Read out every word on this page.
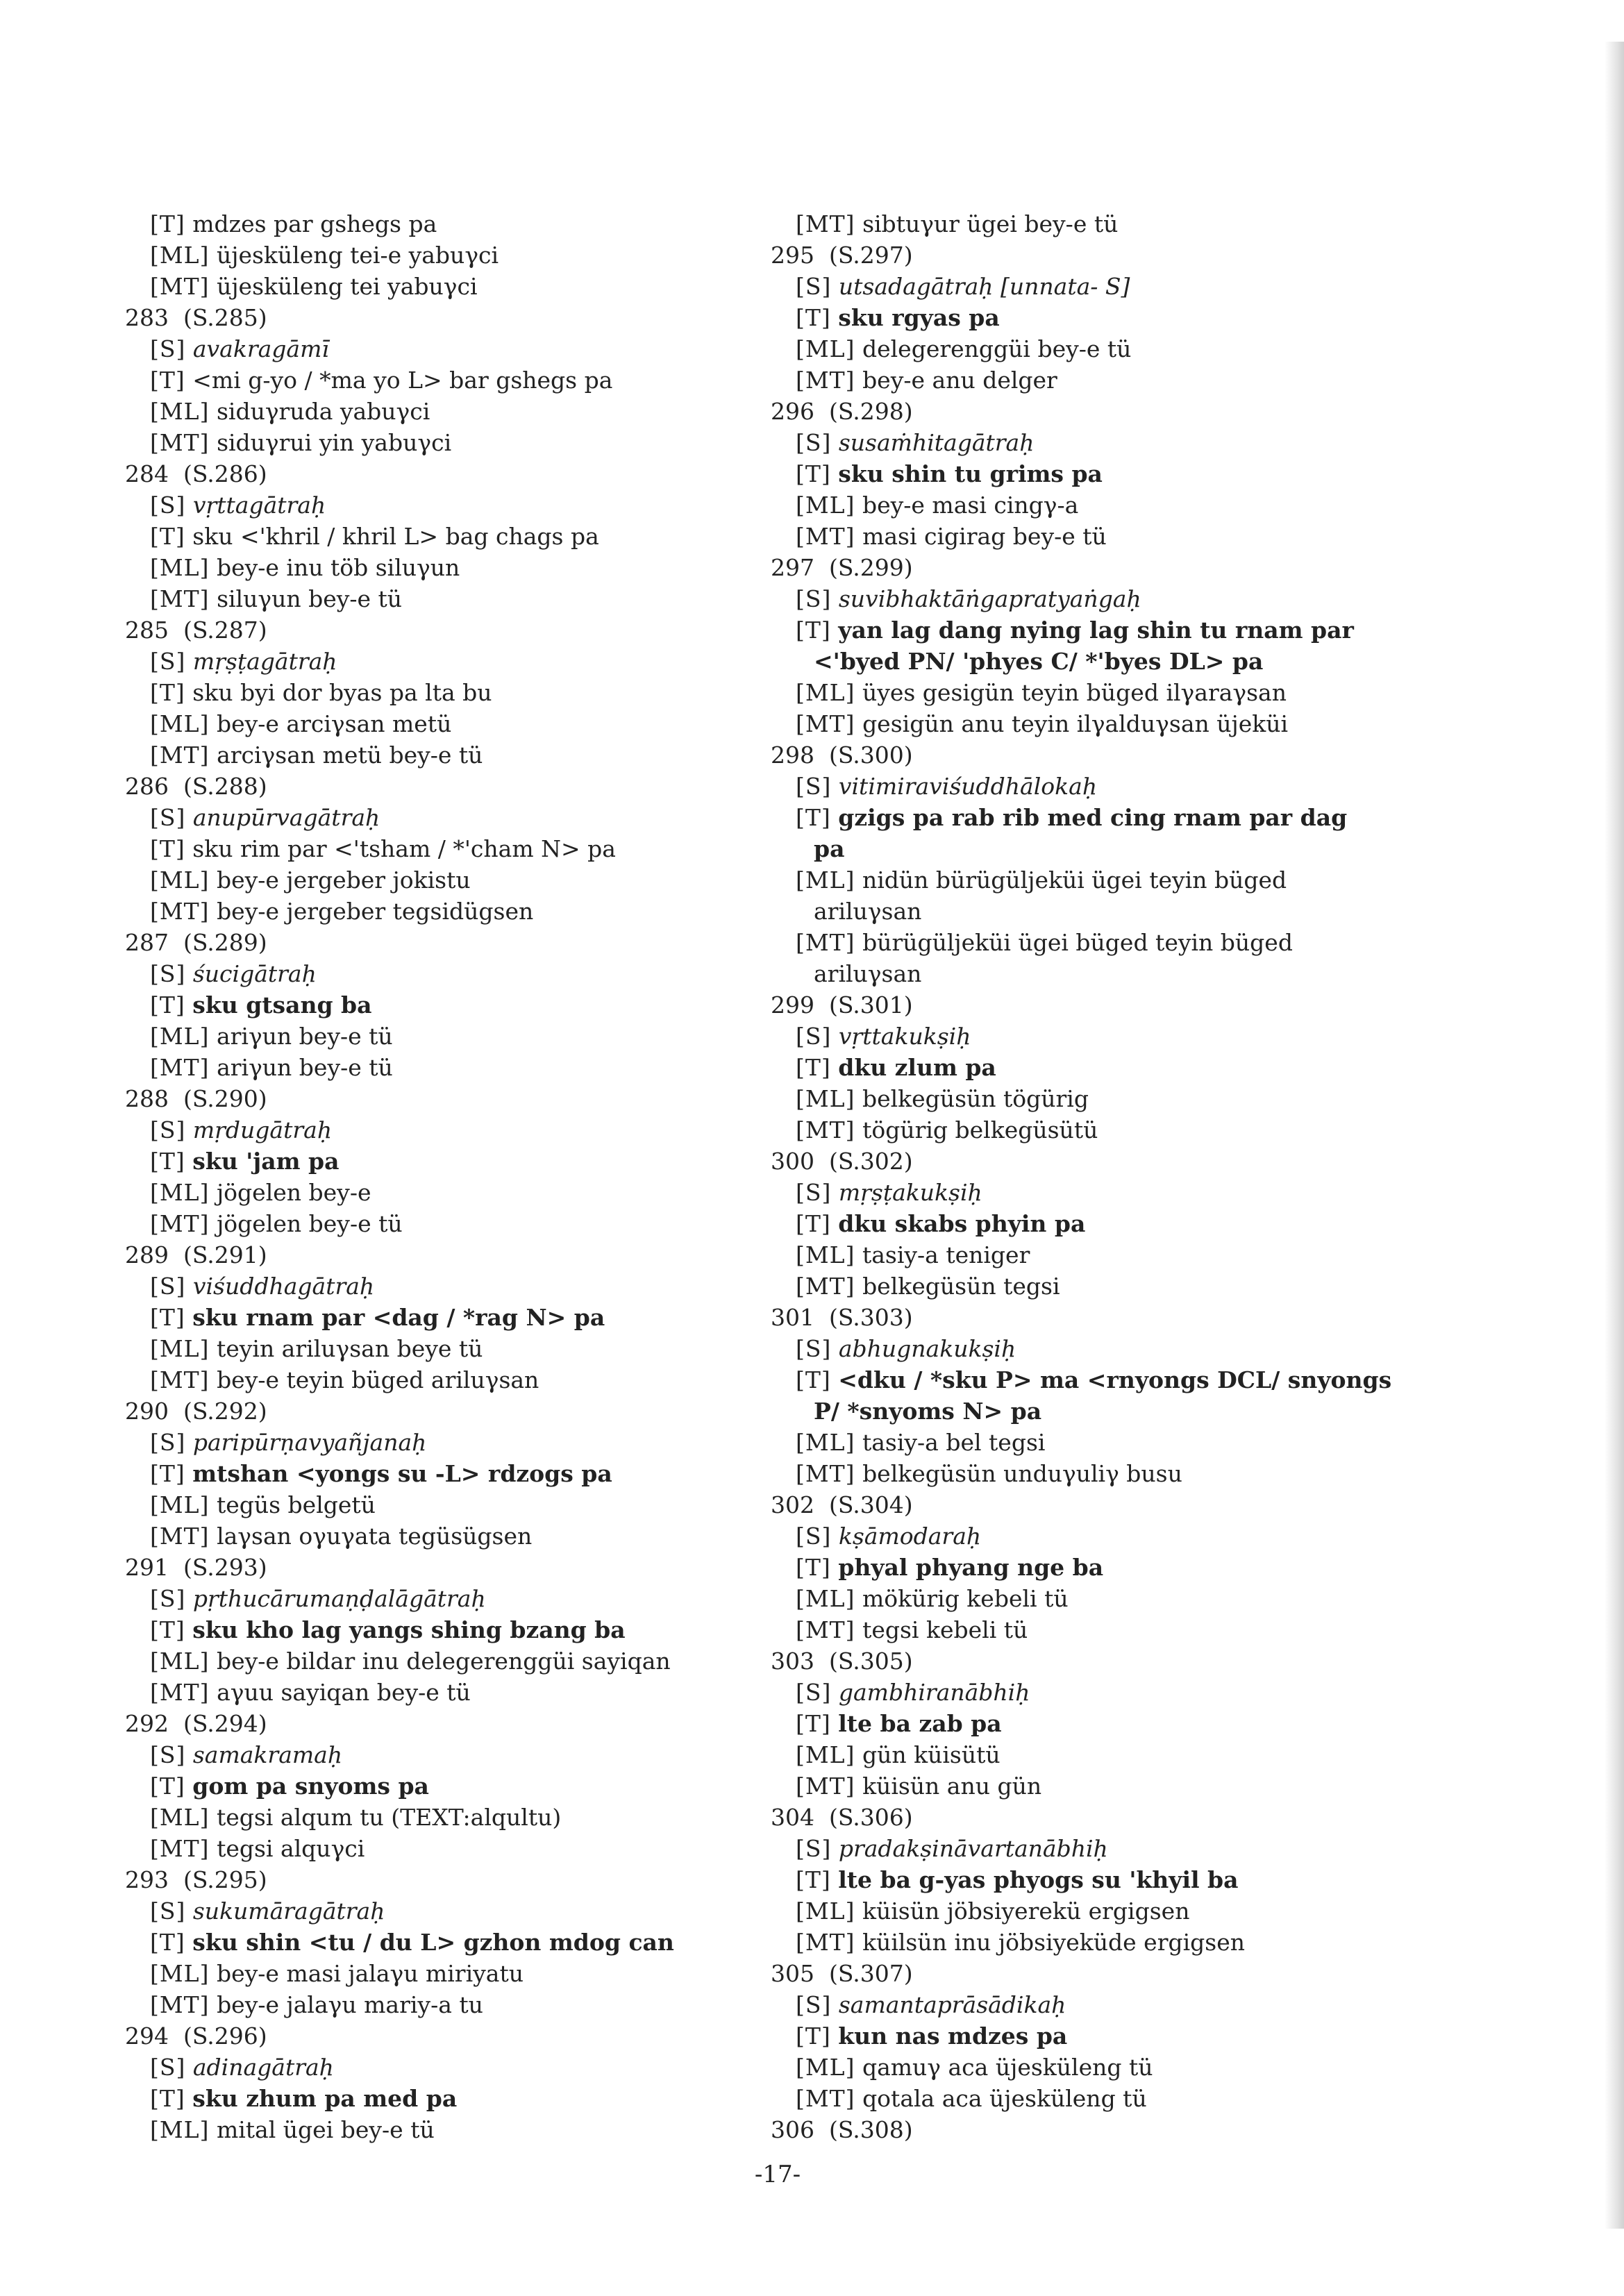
[T] mdzes par gshegs pa
[ML] üjesküleng tei-e yabuγci
[MT] üjesküleng tei yabuγci
283 (S.285)
[S] avakragāmī
[T] <mi g-yo / *ma yo L> bar gshegs pa
[ML] siduγruda yabuγci
[MT] siduγrui yin yabuγci
284 (S.286)
[S] vṛttagātraḥ
[T] sku <'khril / khril L> bag chags pa
[ML] bey-e inu töb siluγun
[MT] siluγun bey-e tü
285 (S.287)
[S] mṛṣṭagātraḥ
[T] sku byi dor byas pa lta bu
[ML] bey-e arciγsan metü
[MT] arciγsan metü bey-e tü
286 (S.288)
[S] anupūrvagātraḥ
[T] sku rim par <'tsham / *'cham N> pa
[ML] bey-e jergeber jokistu
[MT] bey-e jergeber tegsidügsen
287 (S.289)
[S] śucigātraḥ
[T] sku gtsang ba
[ML] ariγun bey-e tü
[MT] ariγun bey-e tü
288 (S.290)
[S] mṛdugātraḥ
[T] sku 'jam pa
[ML] jögelen bey-e
[MT] jögelen bey-e tü
289 (S.291)
[S] viśuddhagātraḥ
[T] sku rnam par <dag / *rag N> pa
[ML] teyin ariluγsan beye tü
[MT] bey-e teyin büged ariluγsan
290 (S.292)
[S] paripūrṇavyañjanaḥ
[T] mtshan <yongs su -L> rdzogs pa
[ML] tegüs belgetü
[MT] laγsan oγuγata tegüsügsen
291 (S.293)
[S] pṛthucārumaṇḍalāgātraḥ
[T] sku kho lag yangs shing bzang ba
[ML] bey-e bildar inu delegerenggüi sayiqan
[MT] aγuu sayiqan bey-e tü
292 (S.294)
[S] samakramaḥ
[T] gom pa snyoms pa
[ML] tegsi alqum tu (TEXT:alqultu)
[MT] tegsi alquγci
293 (S.295)
[S] sukumāragātraḥ
[T] sku shin <tu / du L> gzhon mdog can
[ML] bey-e masi jalaγu miriyatu
[MT] bey-e jalaγu mariy-a tu
294 (S.296)
[S] adinagātraḥ
[T] sku zhum pa med pa
[ML] mital ügei bey-e tü
[MT] sibtuγur ügei bey-e tü
295 (S.297)
[S] utsadagātraḥ [unnata- S]
[T] sku rgyas pa
[ML] delegerenggüi bey-e tü
[MT] bey-e anu delger
296 (S.298)
[S] susaṁhitagātraḥ
[T] sku shin tu grims pa
[ML] bey-e masi cingγ-a
[MT] masi cigirag bey-e tü
297 (S.299)
[S] suvibhaktāṅgapratyaṅgaḥ
[T] yan lag dang nying lag shin tu rnam par
<'byed PN/ 'phyes C/ *'byes DL> pa
[ML] üyes gesigün teyin büged ilγaraγsan
[MT] gesigün anu teyin ilγalduγsan üjeküi
298 (S.300)
[S] vitimiraviśuddhālokaḥ
[T] gzigs pa rab rib med cing rnam par dag
pa
[ML] nidün bürügüljeküi ügei teyin büged
ariluγsan
[MT] bürügüljeküi ügei büged teyin büged
ariluγsan
299 (S.301)
[S] vṛttakukṣiḥ
[T] dku zlum pa
[ML] belkegüsün tögürig
[MT] tögürig belkegüsütü
300 (S.302)
[S] mṛṣṭakukṣiḥ
[T] dku skabs phyin pa
[ML] tasiy-a teniger
[MT] belkegüsün tegsi
301 (S.303)
[S] abhugnakukṣiḥ
[T] <dku / *sku P> ma <rnyongs DCL/ snyongs
P/ *snyoms N> pa
[ML] tasiy-a bel tegsi
[MT] belkegüsün unduγuliγ busu
302 (S.304)
[S] kṣāmodaraḥ
[T] phyal phyang nge ba
[ML] mökürig kebeli tü
[MT] tegsi kebeli tü
303 (S.305)
[S] gambhiranābhiḥ
[T] lte ba zab pa
[ML] gün küisütü
[MT] küisün anu gün
304 (S.306)
[S] pradakṣināvartanābhiḥ
[T] lte ba g-yas phyogs su 'khyil ba
[ML] küisün jöbsiyerekü ergigsen
[MT] küilsün inu jöbsiyeküde ergigsen
305 (S.307)
[S] samantaprāsādikaḥ
[T] kun nas mdzes pa
[ML] qamuγ aca üjesküleng tü
[MT] qotala aca üjesküleng tü
306 (S.308)
-17-
